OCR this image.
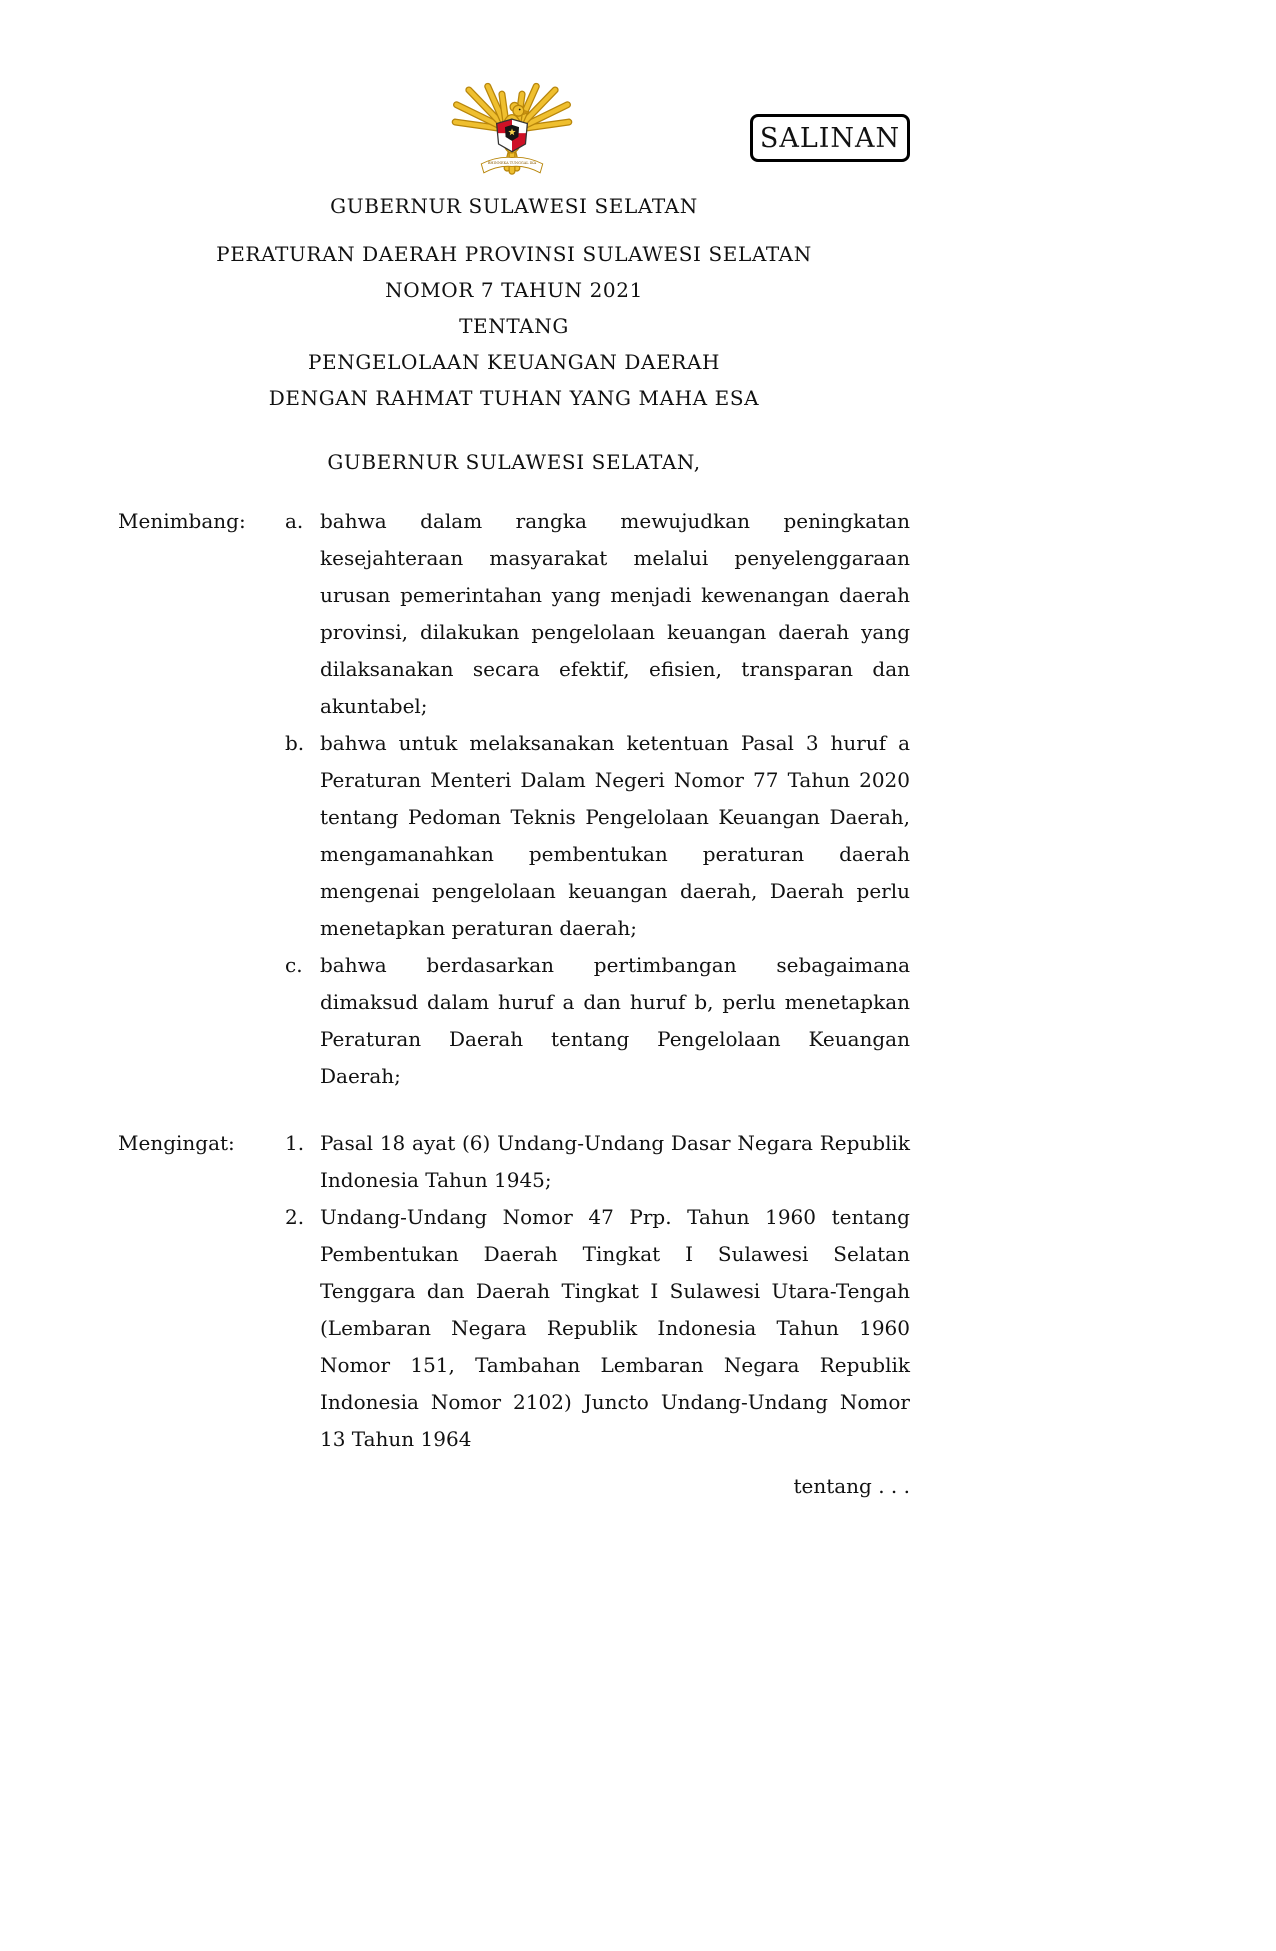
BHINNEKA TUNGGAL IKA
SALINAN
GUBERNUR SULAWESI SELATAN
PERATURAN DAERAH PROVINSI SULAWESI SELATAN
NOMOR 7 TAHUN 2021
TENTANG
PENGELOLAAN KEUANGAN DAERAH
DENGAN RAHMAT TUHAN YANG MAHA ESA
GUBERNUR SULAWESI SELATAN,
Menimbang:	a. bahwa dalam rangka mewujudkan peningkatan kesejahteraan masyarakat melalui penyelenggaraan urusan pemerintahan yang menjadi kewenangan daerah provinsi, dilakukan pengelolaan keuangan daerah yang dilaksanakan secara efektif, efisien, transparan dan akuntabel;
b. bahwa untuk melaksanakan ketentuan Pasal 3 huruf a Peraturan Menteri Dalam Negeri Nomor 77 Tahun 2020 tentang Pedoman Teknis Pengelolaan Keuangan Daerah, mengamanahkan pembentukan peraturan daerah mengenai pengelolaan keuangan daerah, Daerah perlu menetapkan peraturan daerah;
c. bahwa berdasarkan pertimbangan sebagaimana dimaksud dalam huruf a dan huruf b, perlu menetapkan Peraturan Daerah tentang Pengelolaan Keuangan Daerah;
Mengingat:	1. Pasal 18 ayat (6) Undang-Undang Dasar Negara Republik Indonesia Tahun 1945;
2. Undang-Undang Nomor 47 Prp. Tahun 1960 tentang Pembentukan Daerah Tingkat I Sulawesi Selatan Tenggara dan Daerah Tingkat I Sulawesi Utara-Tengah (Lembaran Negara Republik Indonesia Tahun 1960 Nomor 151, Tambahan Lembaran Negara Republik Indonesia Nomor 2102) Juncto Undang-Undang Nomor 13 Tahun 1964
tentang . . .
